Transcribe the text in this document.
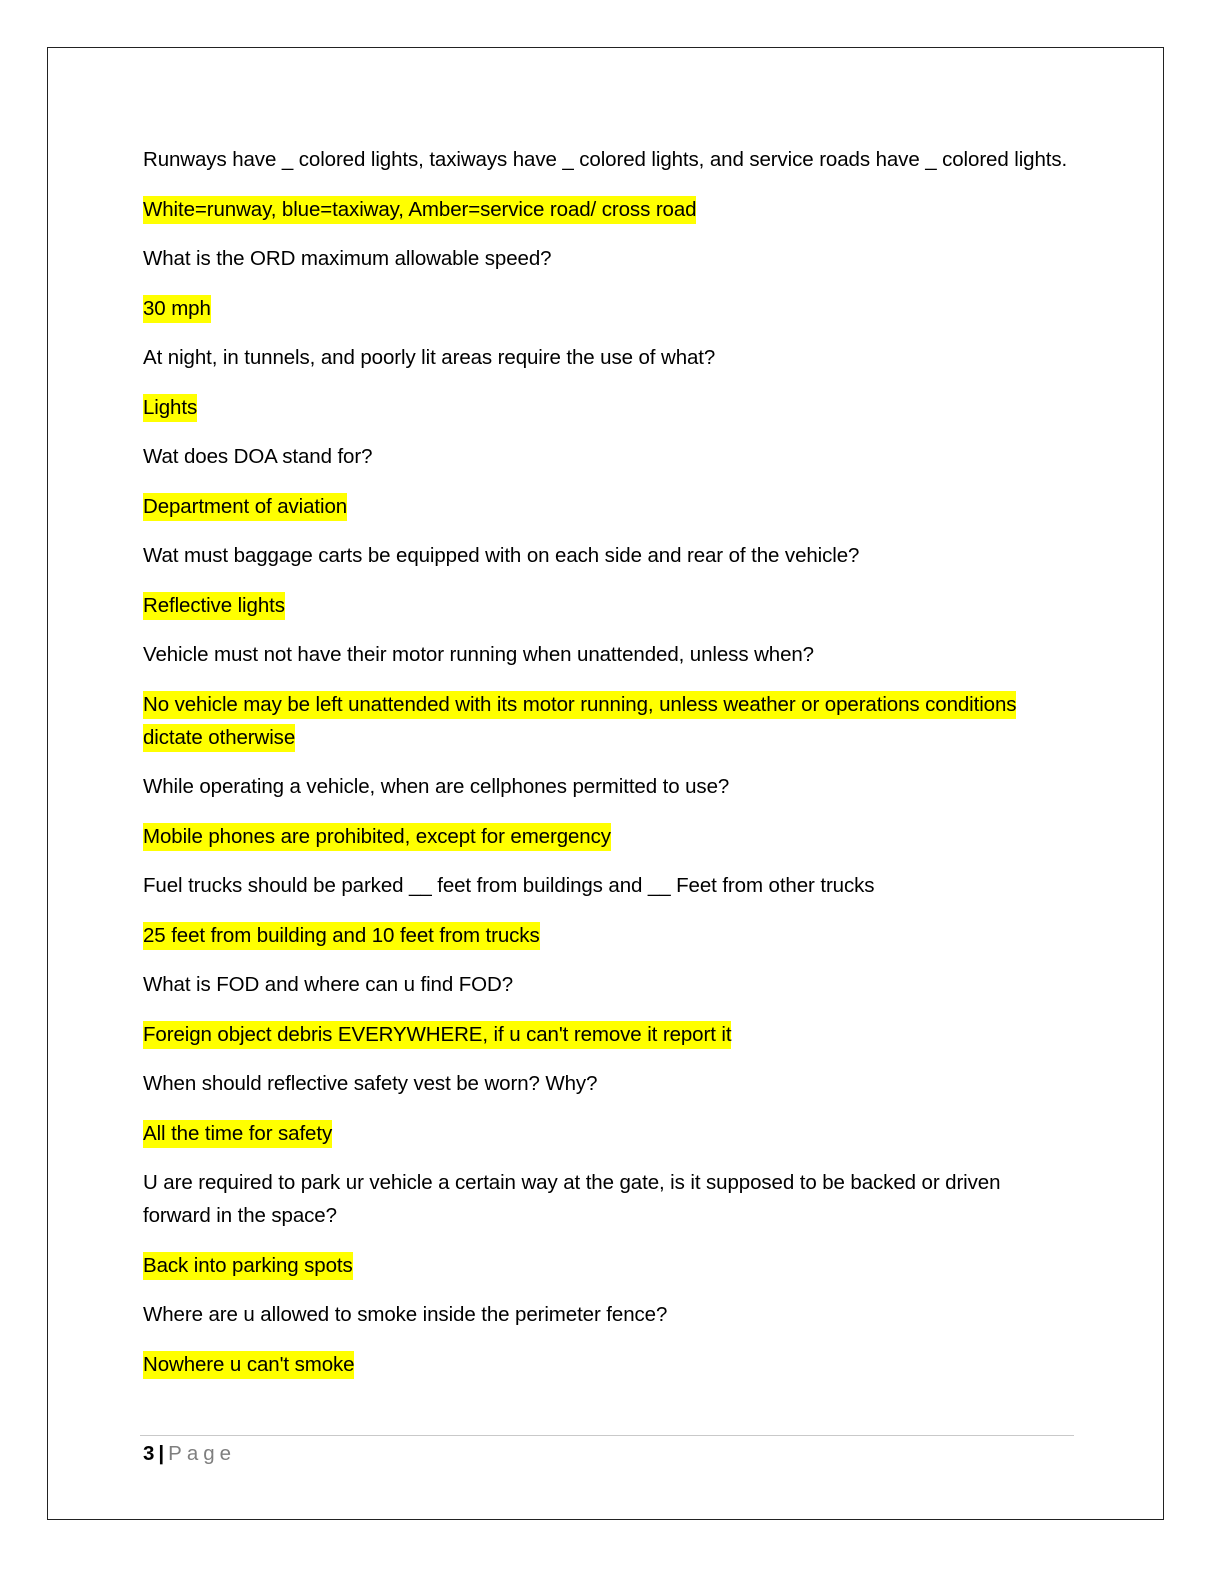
Runways have _ colored lights, taxiways have _ colored lights, and service roads have _ colored lights.

White=runway, blue=taxiway, Amber=service road/ cross road

What is the ORD maximum allowable speed?

30 mph

At night, in tunnels, and poorly lit areas require the use of what?

Lights

Wat does DOA stand for?

Department of aviation

Wat must baggage carts be equipped with on each side and rear of the vehicle?

Reflective lights

Vehicle must not have their motor running when unattended, unless when?

No vehicle may be left unattended with its motor running, unless weather or operations conditions dictate otherwise

While operating a vehicle, when are cellphones permitted to use?

Mobile phones are prohibited, except for emergency

Fuel trucks should be parked __ feet from buildings and __ Feet from other trucks

25 feet from building and 10 feet from trucks

What is FOD and where can u find FOD?

Foreign object debris EVERYWHERE, if u can't remove it report it

When should reflective safety vest be worn? Why?

All the time for safety

U are required to park ur vehicle a certain way at the gate, is it supposed to be backed or driven forward in the space?

Back into parking spots

Where are u allowed to smoke inside the perimeter fence?

Nowhere u can't smoke

3 | Page
